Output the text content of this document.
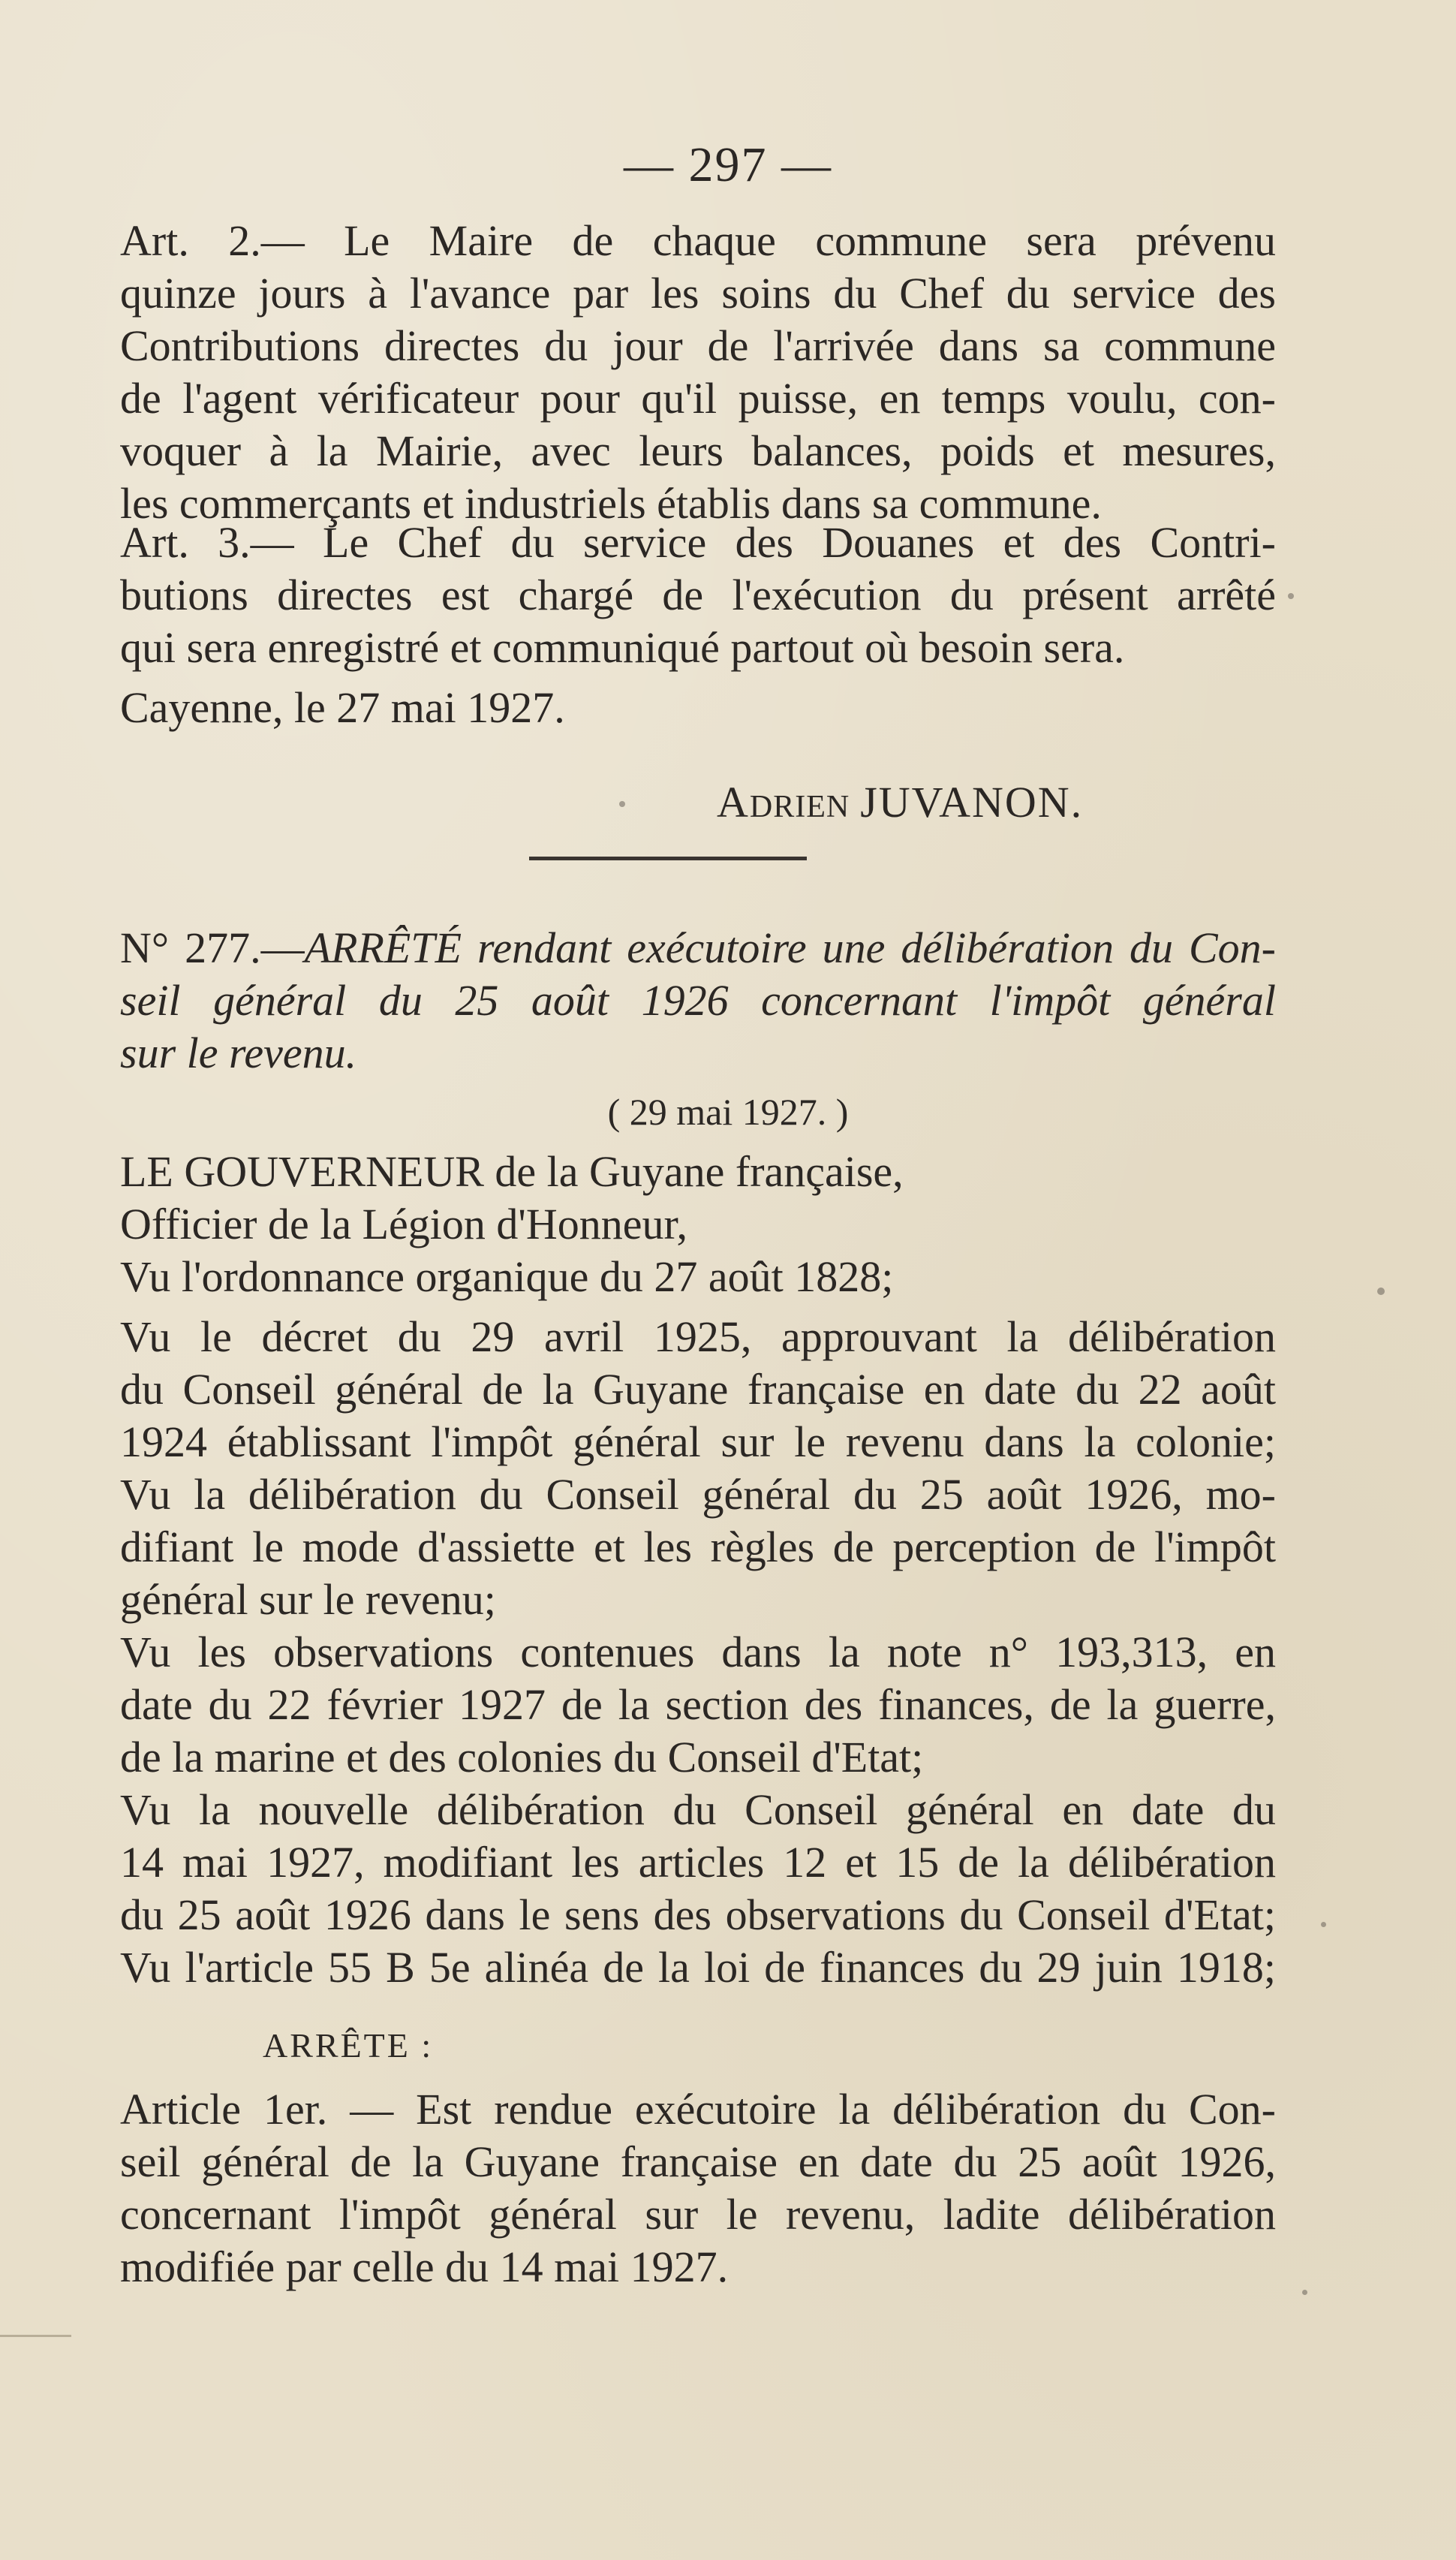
— 297 —

Art. 2.— Le Maire de chaque commune sera prévenu

quinze jours à l'avance par les soins du Chef du service des

Contributions directes du jour de l'arrivée dans sa commune

de l'agent vérificateur pour qu'il puisse, en temps voulu, con-

voquer à la Mairie, avec leurs balances, poids et mesures,

les commerçants et industriels établis dans sa commune.

Art. 3.— Le Chef du service des Douanes et des Contri-

butions directes est chargé de l'exécution du présent arrêté

qui sera enregistré et communiqué partout où besoin sera.

Cayenne, le 27 mai 1927.

ADRIEN JUVANON.

N° 277.—ARRÊTÉ rendant exécutoire une délibération du Con-

seil général du 25 août 1926 concernant l'impôt général

sur le revenu.

( 29 mai 1927. )

LE GOUVERNEUR de la Guyane française,

Officier de la Légion d'Honneur,

Vu l'ordonnance organique du 27 août 1828;

Vu le décret du 29 avril 1925, approuvant la délibération

du Conseil général de la Guyane française en date du 22 août

1924 établissant l'impôt général sur le revenu dans la colonie;

Vu la délibération du Conseil général du 25 août 1926, mo-

difiant le mode d'assiette et les règles de perception de l'impôt

général sur le revenu;

Vu les observations contenues dans la note n° 193,313, en

date du 22 février 1927 de la section des finances, de la guerre,

de la marine et des colonies du Conseil d'Etat;

Vu la nouvelle délibération du Conseil général en date du

14 mai 1927, modifiant les articles 12 et 15 de la délibération

du 25 août 1926 dans le sens des observations du Conseil d'Etat;

Vu l'article 55 B 5e alinéa de la loi de finances du 29 juin 1918;

ARRÊTE :

Article 1er. — Est rendue exécutoire la délibération du Con-

seil général de la Guyane française en date du 25 août 1926,

concernant l'impôt général sur le revenu, ladite délibération

modifiée par celle du 14 mai 1927.
